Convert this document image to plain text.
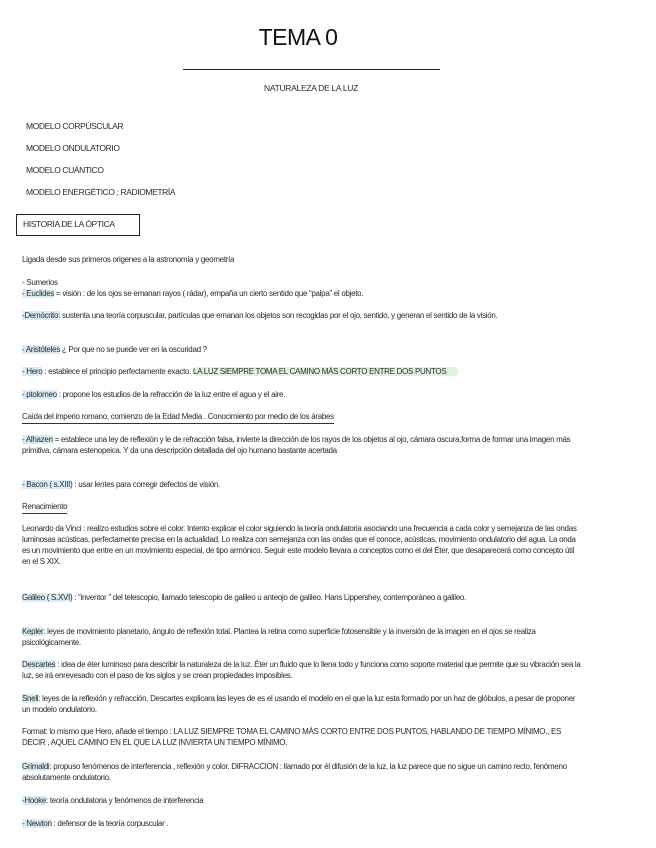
TEMA 0
NATURALEZA DE LA LUZ
MODELO CORPÚSCULAR
MODELO ONDULATORIO
MODELO CUÁNTICO
MODELO ENERGÉTICO ; RADIOMETRÍA
HISTORIA DE LA ÓPTICA
Ligada desde sus primeros origenes a la astronomía y geometría
- Sumerios
- Euclides = visión : de los ojos se emanan rayos ( rádar), empaña un cierto sentido que “palpa” el objeto.
-Demócrito: sustenta una teoría corpuscular, partículas que emanan los objetos son recogidas por el ojo, sentido, y generan el sentido de la visión.
- Aristóteles ¿ Por que no se puede ver en la oscuridad ?
- Hero : establece el principio perfectamente exacto. LA LUZ SIEMPRE TOMA EL CAMINO MÁS CORTO ENTRE DOS PUNTOS
- ptolomeo : propone los estudios de la refracción de la luz entre el agua y el aire.
Caída del imperio romano, comienzo de la Edad Media . Conocimiento por medio de los árabes
- Alhazen = establece una ley de reflexión y le de refracción falsa, invierte la dirección de los rayos de los objetos al ojo, cámara oscura,forma de formar una imagen más primitiva, cámara estenopeica. Y da una descripción detallada del ojo humano bastante acertada
- Bacon ( s.XIII) : usar lentes para corregir defectos de visión.
Renacimiento
Leonardo da Vinci : realizo estudios sobre el color. Intento explicar el color siguiendo la teoría ondulatoria asociando una frecuencia a cada color y semejanza de las ondas luminosas acústicas, perfectamente precisa en la actualidad. Lo realiza con semejanza con las ondas que el conoce, acústicas, movimiento ondulatorio del agua. La onda es un movimiento que entre en un movimiento especial, de tipo armónico. Seguir este modelo llevara a conceptos como el del Éter, que desaparecerá como concepto útil en el S XIX.
Galileo ( S.XVI) : “inventor ” del telescopio, llamado telescopio de galileo u anteojo de galileo. Hans Lippershey, contemporáneo a galileo.
Kepler: leyes de movimiento planetario, ángulo de reflexión total. Plantea la retina como superficie fotosensible y la inversión de la imagen en el ojos se realiza psicológicamente.
Descartes : idea de éter luminoso para describir la naturaleza de la luz. Éter un fluido que lo llena todo y funciona como soporte material que permite que su vibración sea la luz, se irá enrevesado con el paso de los siglos y se crean propiedades imposibles.
Snell: leyes de la reflexión y refracción. Descartes explicara las leyes de es el usando el modelo en el que la luz esta formado por un haz de glóbulos, a pesar de proponer un modelo ondulatorio.
Format: lo mismo que Hero, añade el tiempo : LA LUZ SIEMPRE TOMA EL CAMINO MÁS CORTO ENTRE DOS PUNTOS, HABLANDO DE TIEMPO MÍNIMO., ES DECIR , AQUEL CAMINO EN EL QUE LA LUZ INVIERTA UN TIEMPO MÍNIMO.
Grimaldi: propuso fenómenos de interferencia , reflexión y color. DIFRACCION : llamado por él difusión de la luz, la luz parece que no sigue un camino recto, fenómeno absolutamente ondulatorio.
-Hooke: teoría ondulatoria y fenómenos de interferencia
- Newton : defensor de la teoría corpuscular .
